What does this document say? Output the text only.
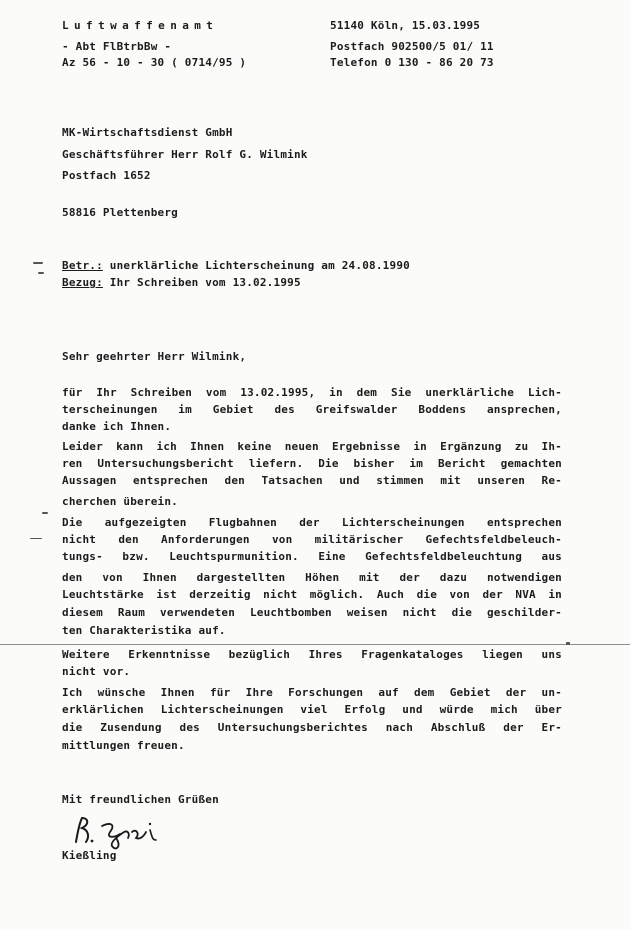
Luftwaffenamt
- Abt FlBtrbBw -
Az 56 - 10 - 30 ( 0714/95 )
51140 Köln, 15.03.1995
Postfach 902500/5 01/ 11
Telefon 0 130 - 86 20 73
MK-Wirtschaftsdienst GmbH
Geschäftsführer Herr Rolf G. Wilmink
Postfach 1652
58816 Plettenberg
Betr.: unerklärliche Lichterscheinung am 24.08.1990
Bezug: Ihr Schreiben vom 13.02.1995
Sehr geehrter Herr Wilmink,
für Ihr Schreiben vom 13.02.1995, in dem Sie unerklärliche Lich-
terscheinungen im Gebiet des Greifswalder Boddens ansprechen,
danke ich Ihnen.
Leider kann ich Ihnen keine neuen Ergebnisse in Ergänzung zu Ih-
ren Untersuchungsbericht liefern. Die bisher im Bericht gemachten
Aussagen entsprechen den Tatsachen und stimmen mit unseren Re-
cherchen überein.
Die aufgezeigten Flugbahnen der Lichterscheinungen entsprechen
nicht den Anforderungen von militärischer Gefechtsfeldbeleuch-
tungs- bzw. Leuchtspurmunition. Eine Gefechtsfeldbeleuchtung aus
den von Ihnen dargestellten Höhen mit der dazu notwendigen
Leuchtstärke ist derzeitig nicht möglich. Auch die von der NVA in
diesem Raum verwendeten Leuchtbomben weisen nicht die geschilder-
ten Charakteristika auf.
Weitere Erkenntnisse bezüglich Ihres Fragenkataloges liegen uns
nicht vor.
Ich wünsche Ihnen für Ihre Forschungen auf dem Gebiet der un-
erklärlichen Lichterscheinungen viel Erfolg und würde mich über
die Zusendung des Untersuchungsberichtes nach Abschluß der Er-
mittlungen freuen.
Mit freundlichen Grüßen
Kießling
